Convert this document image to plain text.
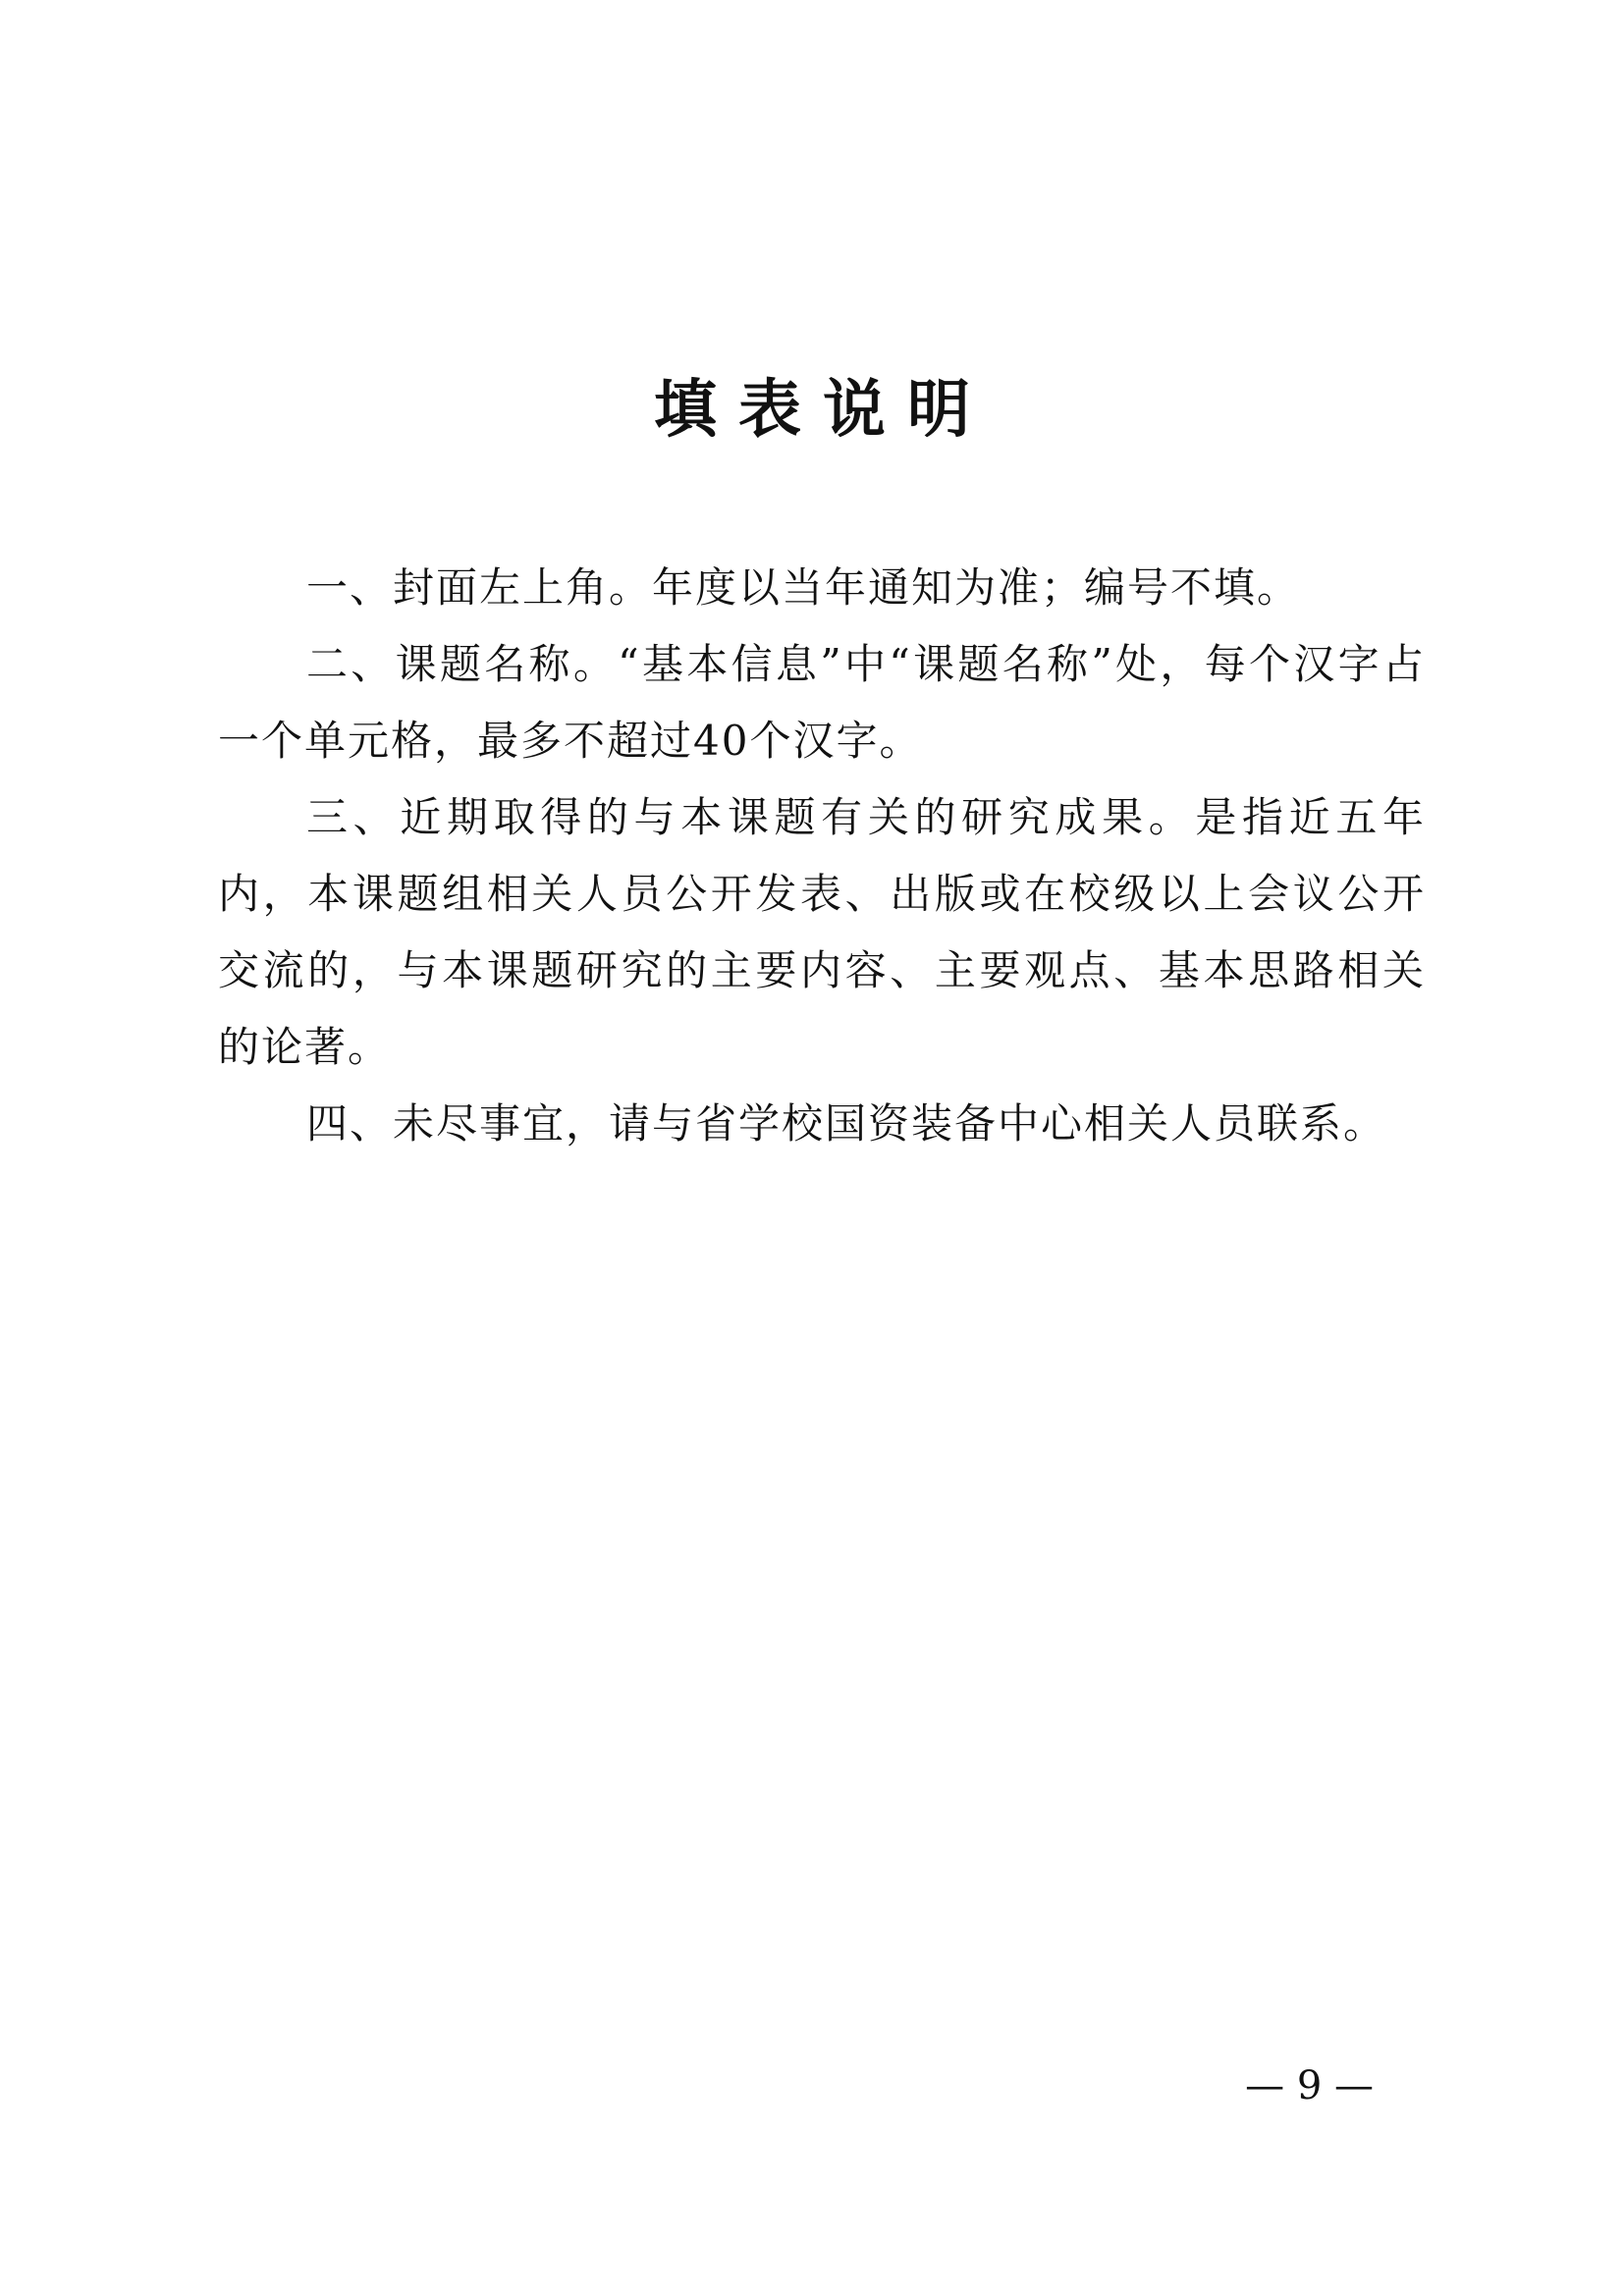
填表说明

一、封面左上角。年度以当年通知为准；编号不填。

二、课题名称。“基本信息”中“课题名称”处，每个汉字占一个单元格，最多不超过40个汉字。

三、近期取得的与本课题有关的研究成果。是指近五年内，本课题组相关人员公开发表、出版或在校级以上会议公开交流的，与本课题研究的主要内容、主要观点、基本思路相关的论著。

四、未尽事宜，请与省学校国资装备中心相关人员联系。

— 9 —
